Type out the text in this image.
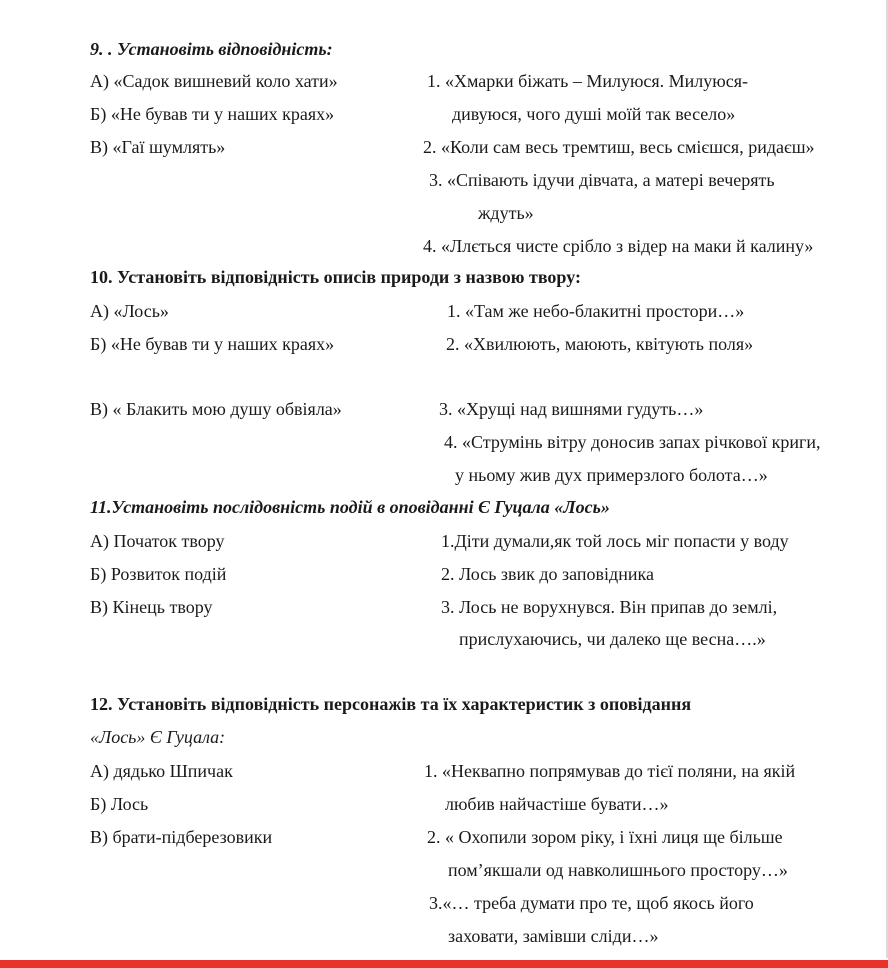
9. . Установіть відповідність:
А) «Садок вишневий коло хати»
Б) «Не бував ти у наших краях»
В) «Гаї шумлять»
1. «Хмарки біжать – Милуюся. Милуюся-
дивуюся, чого душі моїй так весело»
2. «Коли сам весь тремтиш, весь смієшся, ридаєш»
3. «Співають ідучи дівчата, а матері вечерять
ждуть»
4. «Ллється чисте срібло з відер на маки й калину»
10. Установіть відповідність описів природи з назвою твору:
А) «Лось»
Б) «Не бував ти у наших краях»
В) « Блакить мою душу обвіяла»
1. «Там же небо-блакитні простори…»
2. «Хвилюють, маюють, квітують поля»
3. «Хрущі над вишнями гудуть…»
4. «Струмінь вітру доносив запах річкової криги,
у ньому жив дух примерзлого болота…»
11.Установіть послідовність подій в оповіданні Є Гуцала «Лось»
А) Початок твору
Б) Розвиток подій
В) Кінець твору
1.Діти думали,як той лось міг попасти у воду
2. Лось звик до заповідника
3. Лось не ворухнувся. Він припав до землі,
прислухаючись, чи далеко ще весна….»
12. Установіть відповідність персонажів та їх характеристик з оповідання
«Лось» Є Гуцала:
А) дядько Шпичак
Б) Лось
В) брати-підберезовики
1. «Неквапно попрямував до тієї поляни, на якій
любив найчастіше бувати…»
2. « Охопили зором ріку, і їхні лиця ще більше
пом’якшали од навколишнього простору…»
3.«… треба думати про те, щоб якось його
заховати, замівши сліди…»
